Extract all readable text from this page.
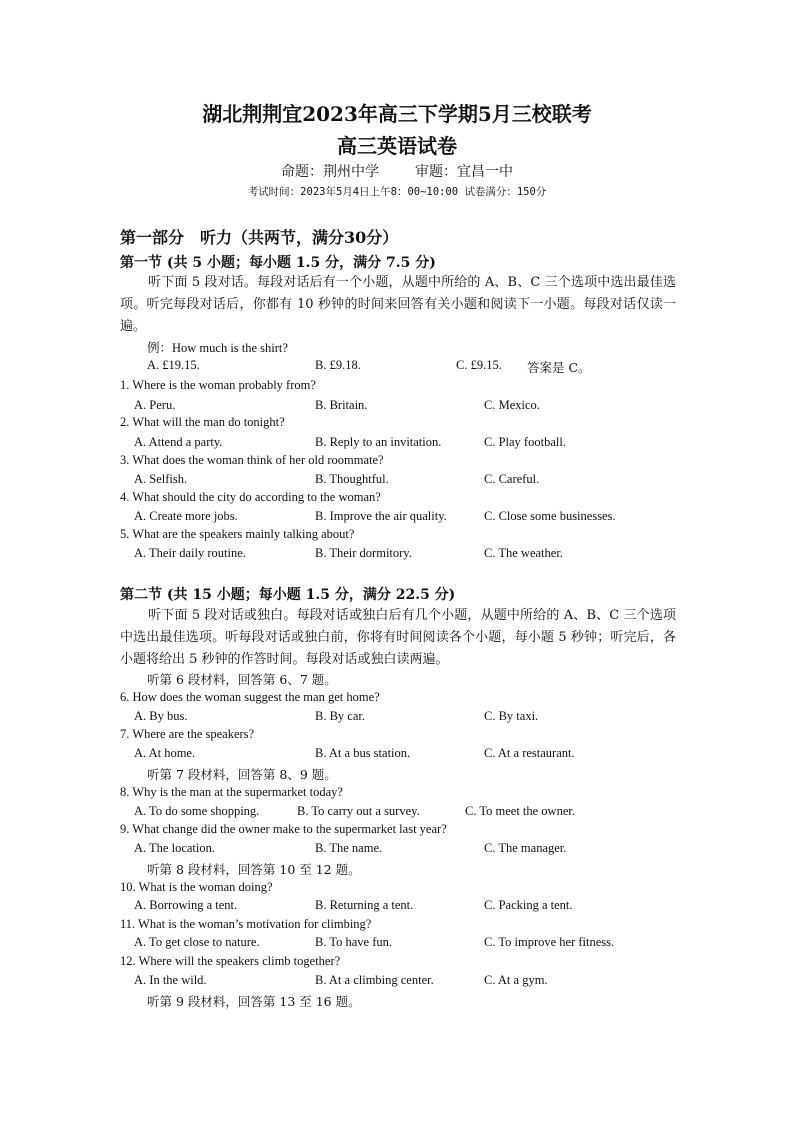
湖北荆荆宜2023年高三下学期5月三校联考
高三英语试卷
命题：荆州中学	审题：宜昌一中
考试时间：2023年5月4日上午8：00~10:00 试卷满分：150分
第一部分　听力（共两节，满分30分）
第一节 (共 5 小题；每小题 1.5 分，满分 7.5 分)
听下面 5 段对话。每段对话后有一个小题，从题中所给的 A、B、C 三个选项中选出最佳选项。听完每段对话后，你都有 10 秒钟的时间来回答有关小题和阅读下一小题。每段对话仅读一遍。
例：How much is the shirt?
A. £19.15.	B. £9.18.	C. £9.15. 答案是 C。
1. Where is the woman probably from?
A. Peru.	B. Britain.	C. Mexico.
2. What will the man do tonight?
A. Attend a party.	B. Reply to an invitation.	C. Play football.
3. What does the woman think of her old roommate?
A. Selfish.	B. Thoughtful.	C. Careful.
4. What should the city do according to the woman?
A. Create more jobs.	B. Improve the air quality.	C. Close some businesses.
5. What are the speakers mainly talking about?
A. Their daily routine.	B. Their dormitory.	C. The weather.
第二节 (共 15 小题；每小题 1.5 分，满分 22.5 分)
听下面 5 段对话或独白。每段对话或独白后有几个小题，从题中所给的 A、B、C 三个选项中选出最佳选项。听每段对话或独白前，你将有时间阅读各个小题，每小题 5 秒钟；听完后，各小题将给出 5 秒钟的作答时间。每段对话或独白读两遍。
听第 6 段材料，回答第 6、7 题。
6. How does the woman suggest the man get home?
A. By bus.	B. By car.	C. By taxi.
7. Where are the speakers?
A. At home.	B. At a bus station.	C. At a restaurant.
听第 7 段材料，回答第 8、9 题。
8. Why is the man at the supermarket today?
A. To do some shopping.	B. To carry out a survey.	C. To meet the owner.
9. What change did the owner make to the supermarket last year?
A. The location.	B. The name.	C. The manager.
听第 8 段材料，回答第 10 至 12 题。
10. What is the woman doing?
A. Borrowing a tent.	B. Returning a tent.	C. Packing a tent.
11. What is the woman’s motivation for climbing?
A. To get close to nature.	B. To have fun.	C. To improve her fitness.
12. Where will the speakers climb together?
A. In the wild.	B. At a climbing center.	C. At a gym.
听第 9 段材料，回答第 13 至 16 题。
